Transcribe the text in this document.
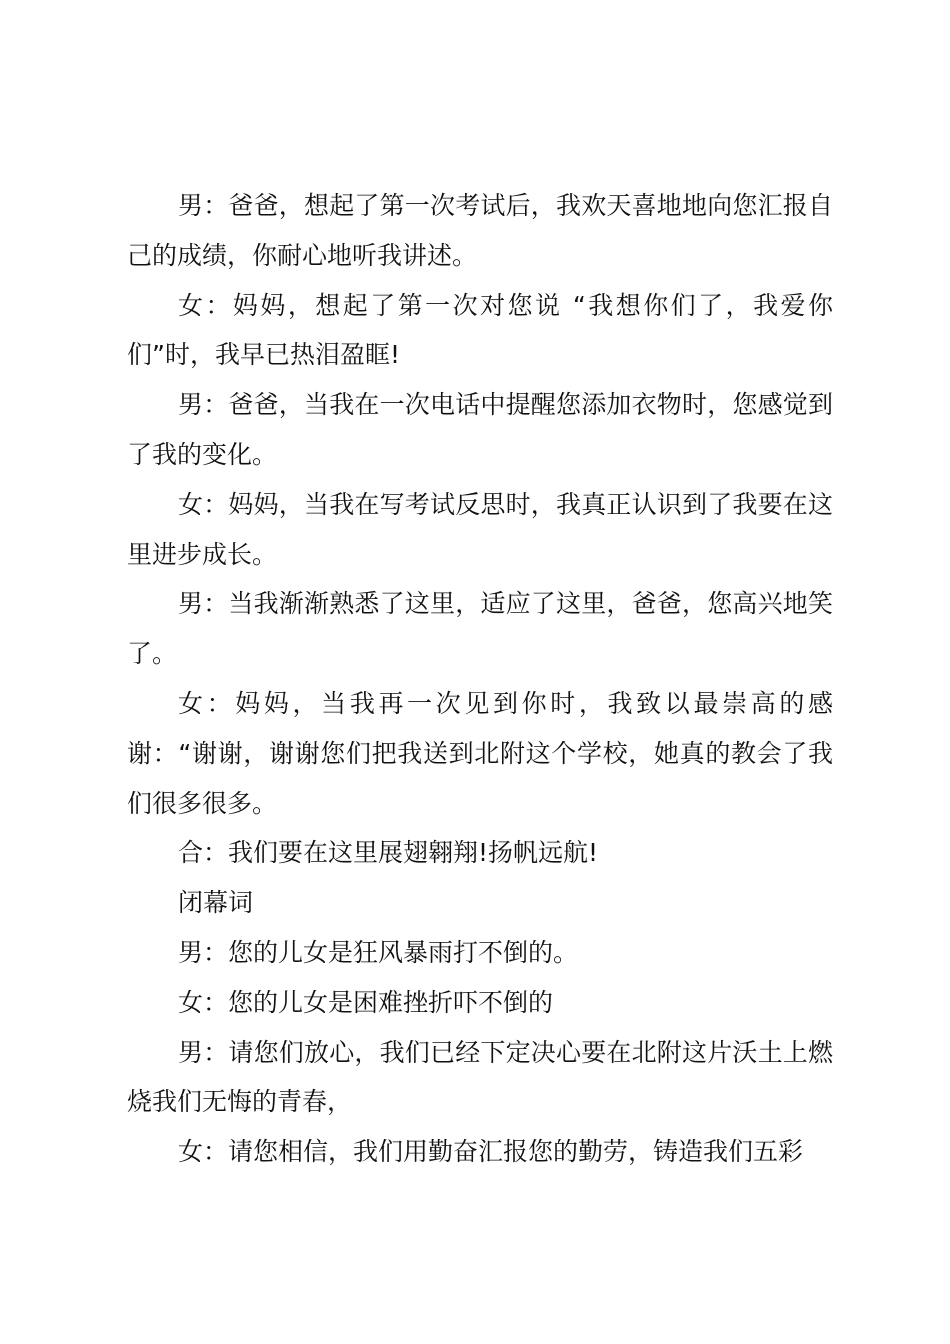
男：爸爸，想起了第一次考试后，我欢天喜地地向您汇报自己的成绩，你耐心地听我讲述。

女：妈妈，想起了第一次对您说 “我想你们了，我爱你们”时，我早已热泪盈眶!

男：爸爸，当我在一次电话中提醒您添加衣物时，您感觉到了我的变化。

女：妈妈，当我在写考试反思时，我真正认识到了我要在这里进步成长。

男：当我渐渐熟悉了这里，适应了这里，爸爸，您高兴地笑了。

女：妈妈，当我再一次见到你时，我致以最崇高的感谢：“谢谢，谢谢您们把我送到北附这个学校，她真的教会了我们很多很多。

合：我们要在这里展翅翱翔!扬帆远航!

闭幕词

男：您的儿女是狂风暴雨打不倒的。

女：您的儿女是困难挫折吓不倒的

男：请您们放心，我们已经下定决心要在北附这片沃土上燃烧我们无悔的青春，

女：请您相信，我们用勤奋汇报您的勤劳，铸造我们五彩
